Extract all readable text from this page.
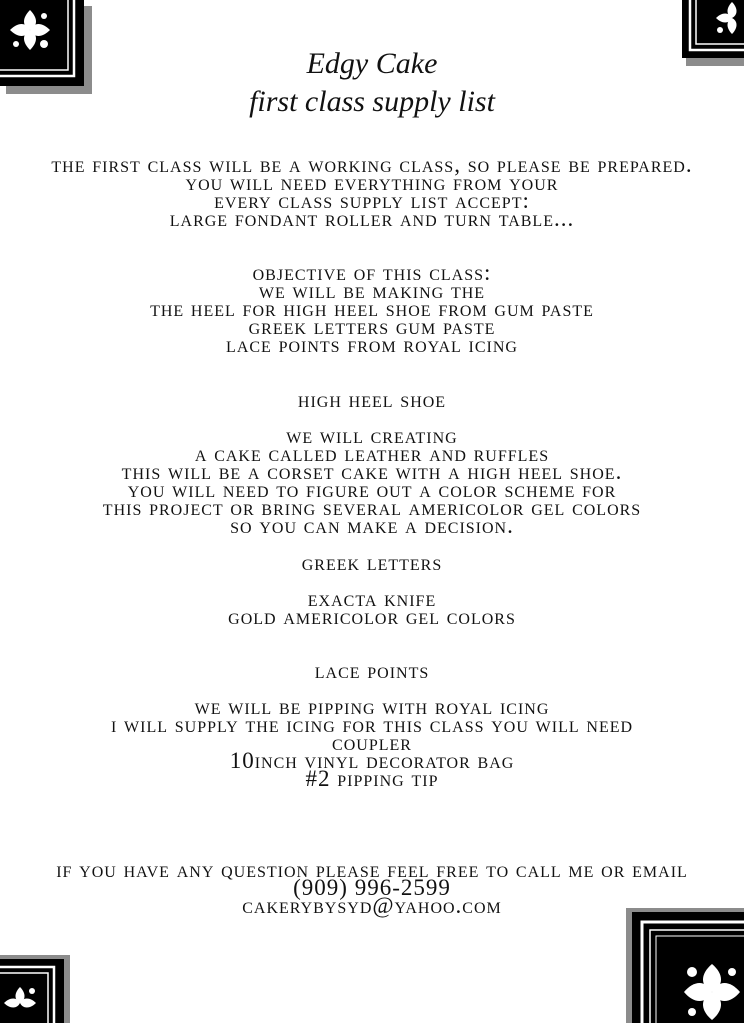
Edgy Cake
first class supply list
the first class will be a working class, so please be prepared.
you will need everything from your
every class supply list accept:
large fondant roller and turn table...
objective of this class:
we will be making the
the heel for high heel shoe from gum paste
greek letters gum paste
lace points from royal icing
high heel shoe
we will creating
a cake called leather and ruffles
this will be a corset cake with a high heel shoe.
you will need to figure out a color scheme for
this project or bring several americolor gel colors
so you can make a decision.
greek letters
exacta knife
gold americolor gel colors
lace points
we will be pipping with royal icing
i will supply the icing for this class you will need
coupler
10inch vinyl decorator bag
#2 pipping tip
if you have any question please feel free to call me or email
(909) 996-2599
cakerybysyd@yahoo.com
